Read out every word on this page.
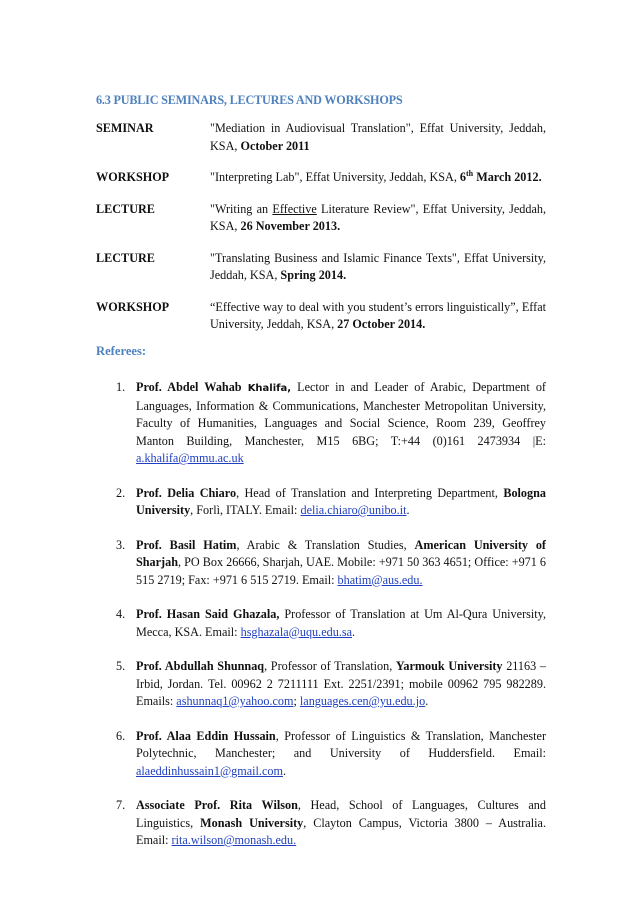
6.3 PUBLIC SEMINARS, LECTURES AND WORKSHOPS
SEMINAR	"Mediation in Audiovisual Translation", Effat University, Jeddah, KSA, October 2011
WORKSHOP	"Interpreting Lab", Effat University, Jeddah, KSA, 6th March 2012.
LECTURE	"Writing an Effective Literature Review", Effat University, Jeddah, KSA, 26 November 2013.
LECTURE	"Translating Business and Islamic Finance Texts", Effat University, Jeddah, KSA, Spring 2014.
WORKSHOP	“Effective way to deal with you student’s errors linguistically”, Effat University, Jeddah, KSA, 27 October 2014.
Referees:
1. Prof. Abdel Wahab Khalifa, Lector in and Leader of Arabic, Department of Languages, Information & Communications, Manchester Metropolitan University, Faculty of Humanities, Languages and Social Science, Room 239, Geoffrey Manton Building, Manchester, M15 6BG; T:+44 (0)161 2473934 |E: a.khalifa@mmu.ac.uk
2. Prof. Delia Chiaro, Head of Translation and Interpreting Department, Bologna University, Forlì, ITALY. Email: delia.chiaro@unibo.it.
3. Prof. Basil Hatim, Arabic & Translation Studies, American University of Sharjah, PO Box 26666, Sharjah, UAE. Mobile: +971 50 363 4651; Office: +971 6 515 2719; Fax: +971 6 515 2719. Email: bhatim@aus.edu.
4. Prof. Hasan Said Ghazala, Professor of Translation at Um Al-Qura University, Mecca, KSA. Email: hsghazala@uqu.edu.sa.
5. Prof. Abdullah Shunnaq, Professor of Translation, Yarmouk University 21163 – Irbid, Jordan. Tel. 00962 2 7211111 Ext. 2251/2391; mobile 00962 795 982289. Emails: ashunnaq1@yahoo.com; languages.cen@yu.edu.jo.
6. Prof. Alaa Eddin Hussain, Professor of Linguistics & Translation, Manchester Polytechnic, Manchester; and University of Huddersfield. Email: alaeddinhussain1@gmail.com.
7. Associate Prof. Rita Wilson, Head, School of Languages, Cultures and Linguistics, Monash University, Clayton Campus, Victoria 3800 – Australia. Email: rita.wilson@monash.edu.
